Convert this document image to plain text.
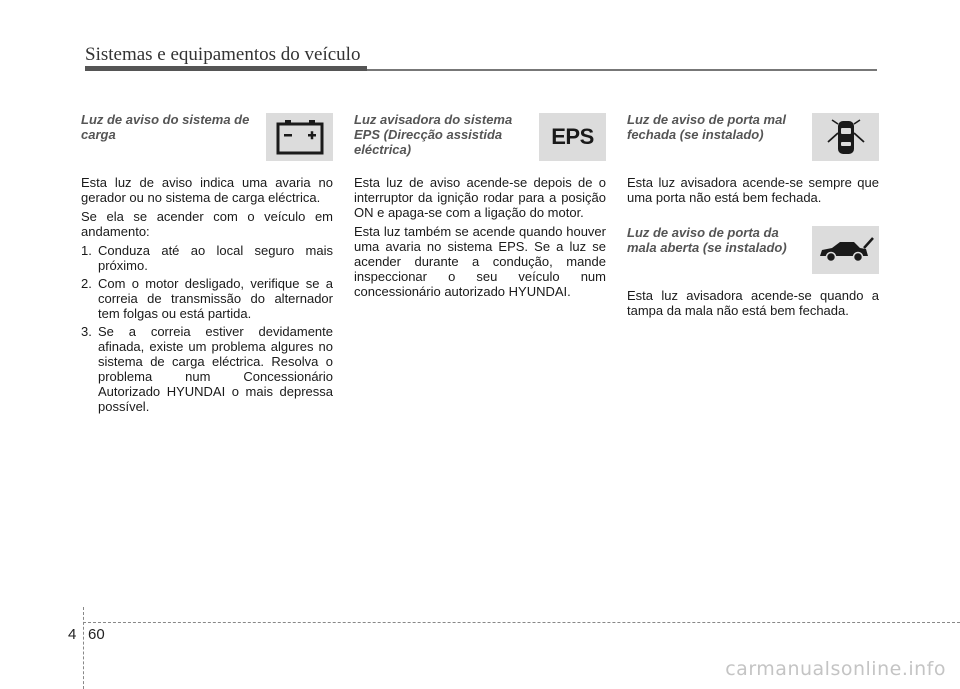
Sistemas e equipamentos do veículo
Luz de aviso do sistema de carga

Esta luz de aviso indica uma avaria no gerador ou no sistema de carga eléctrica.

Se ela se acender com o veículo em andamento:

1. Conduza até ao local seguro mais próximo.
2. Com o motor desligado, verifique se a correia de transmissão do alternador tem folgas ou está partida.
3. Se a correia estiver devidamente afinada, existe um problema algures no sistema de carga eléctrica. Resolva o problema num Concessionário Autorizado HYUNDAI o mais depressa possível.
Luz avisadora do sistema EPS (Direcção assistida eléctrica)
EPS

Esta luz de aviso acende-se depois de o interruptor da ignição rodar para a posição ON e apaga-se com a ligação do motor.

Esta luz também se acende quando houver uma avaria no sistema EPS. Se a luz se acender durante a condução, mande inspeccionar o seu veículo num concessionário autorizado HYUNDAI.

Luz de aviso de porta mal fechada (se instalado)

Esta luz avisadora acende-se sempre que uma porta não está bem fechada.

Luz de aviso de porta da mala aberta (se instalado)

Esta luz avisadora acende-se quando a tampa da mala não está bem fechada.

4 60
carmanualsonline.info
